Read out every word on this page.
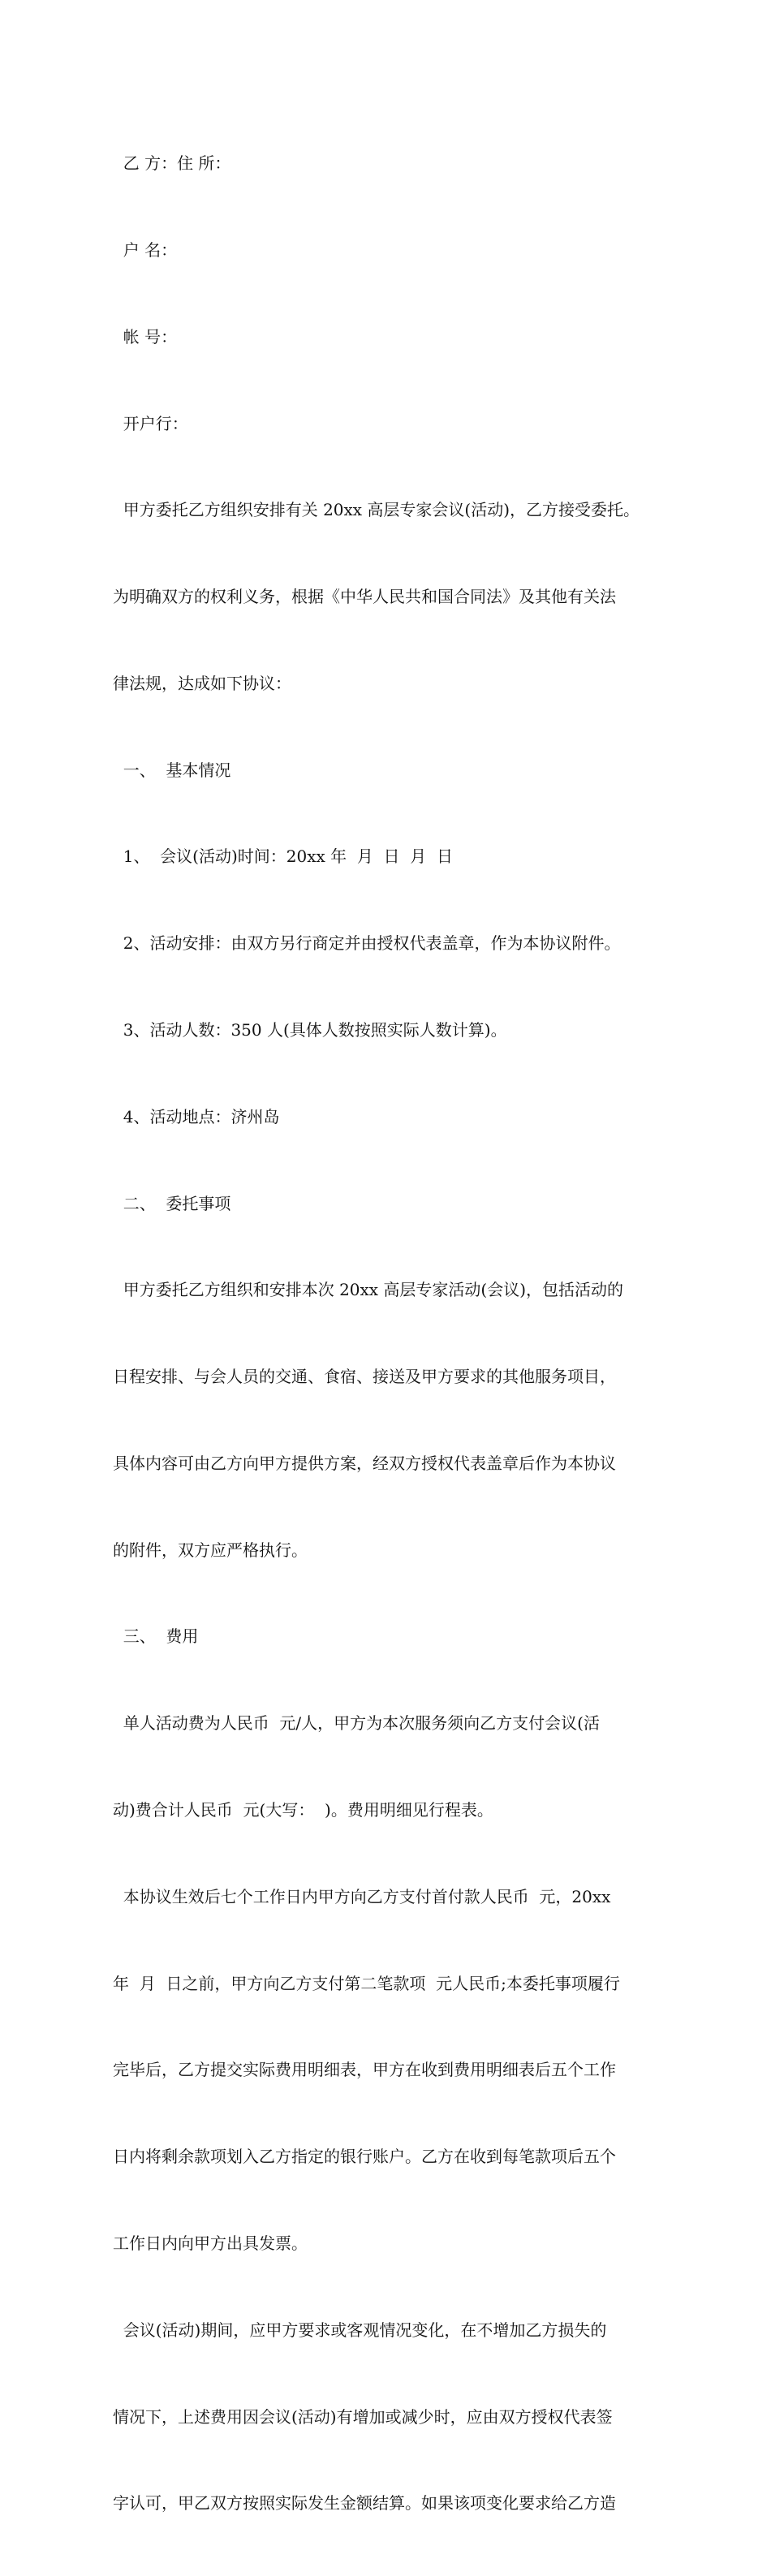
乙 方：住 所：

户 名：

帐 号：

开户行：

甲方委托乙方组织安排有关 20xx 高层专家会议(活动)，乙方接受委托。

为明确双方的权利义务，根据《中华人民共和国合同法》及其他有关法

律法规，达成如下协议：

一、  基本情况

1、  会议(活动)时间：20xx 年  月  日  月  日

2、活动安排：由双方另行商定并由授权代表盖章，作为本协议附件。

3、活动人数：350 人(具体人数按照实际人数计算)。

4、活动地点：济州岛

二、  委托事项

甲方委托乙方组织和安排本次 20xx 高层专家活动(会议)，包括活动的

日程安排、与会人员的交通、食宿、接送及甲方要求的其他服务项目，

具体内容可由乙方向甲方提供方案，经双方授权代表盖章后作为本协议

的附件，双方应严格执行。

三、  费用

单人活动费为人民币  元/人，甲方为本次服务须向乙方支付会议(活

动)费合计人民币  元(大写：  )。费用明细见行程表。

本协议生效后七个工作日内甲方向乙方支付首付款人民币  元，20xx

年  月  日之前，甲方向乙方支付第二笔款项  元人民币;本委托事项履行

完毕后，乙方提交实际费用明细表，甲方在收到费用明细表后五个工作

日内将剩余款项划入乙方指定的银行账户。乙方在收到每笔款项后五个

工作日内向甲方出具发票。

会议(活动)期间，应甲方要求或客观情况变化，在不增加乙方损失的

情况下，上述费用因会议(活动)有增加或减少时，应由双方授权代表签

字认可，甲乙双方按照实际发生金额结算。如果该项变化要求给乙方造
